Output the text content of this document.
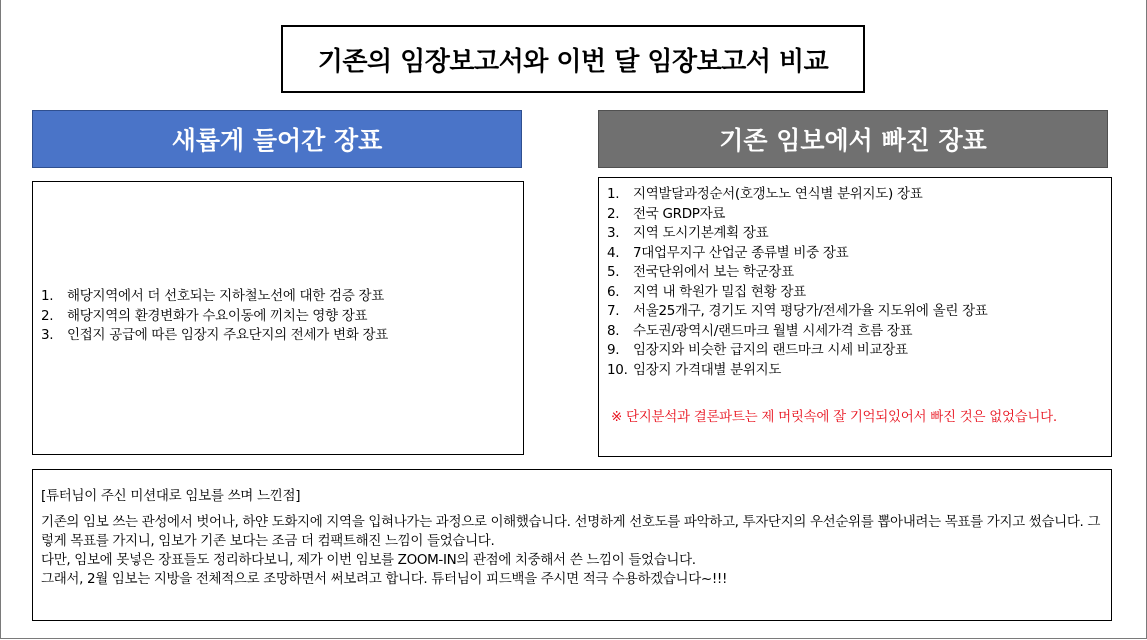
기존의 임장보고서와 이번 달 임장보고서 비교
새롭게 들어간 장표	기존 임보에서 빠진 장표
1.	해당지역에서 더 선호되는 지하철노선에 대한 검증 장표
2.	해당지역의 환경변화가 수요이동에 끼치는 영향 장표
3.	인접지 공급에 따른 임장지 주요단지의 전세가 변화 장표
1.	지역발달과정순서(호갱노노 연식별 분위지도) 장표
2.	전국 GRDP자료
3.	지역 도시기본계획 장표
4.	7대업무지구 산업군 종류별 비중 장표
5.	전국단위에서 보는 학군장표
6.	지역 내 학원가 밀집 현황 장표
7.	서울25개구, 경기도 지역 평당가/전세가율 지도위에 올린 장표
8.	수도권/광역시/랜드마크 월별 시세가격 흐름 장표
9.	임장지와 비슷한 급지의 랜드마크 시세 비교장표
10. 임장지 가격대별 분위지도
※ 단지분석과 결론파트는 제 머릿속에 잘 기억되있어서 빠진 것은 없었습니다.
[튜터님이 주신 미션대로 임보를 쓰며 느낀점]

기존의 임보 쓰는 관성에서 벗어나, 하얀 도화지에 지역을 입혀나가는 과정으로 이해했습니다. 선명하게 선호도를 파악하고, 투자단지의 우선순위를 뽑아내려는 목표를 가지고 썼습니다. 그렇게 목표를 가지니, 임보가 기존 보다는 조금 더 컴팩트해진 느낌이 들었습니다.

다만, 임보에 못넣은 장표들도 정리하다보니, 제가 이번 임보를 ZOOM-IN의 관점에 치중해서 쓴 느낌이 들었습니다.

그래서, 2월 임보는 지방을 전체적으로 조망하면서 써보려고 합니다. 튜터님이 피드백을 주시면 적극 수용하겠습니다~!!!
